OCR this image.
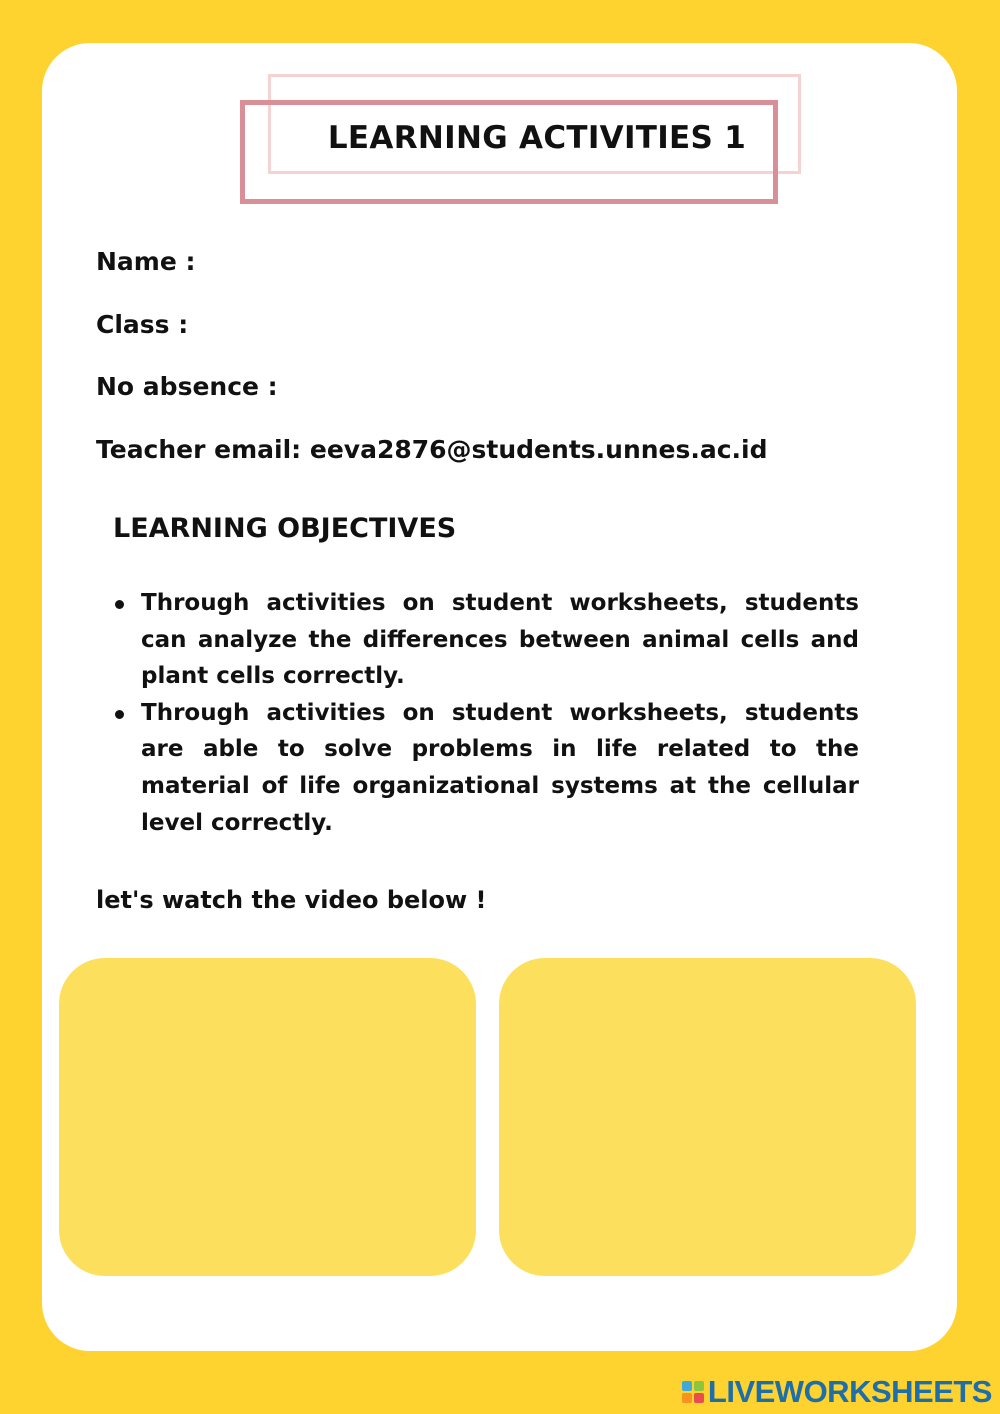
LEARNING ACTIVITIES 1
Name :
Class :
No absence :
Teacher email: eeva2876@students.unnes.ac.id
LEARNING OBJECTIVES
Through activities on student worksheets, students can analyze the differences between animal cells and plant cells correctly.
Through activities on student worksheets, students are able to solve problems in life related to the material of life organizational systems at the cellular level correctly.
let's watch the video below !
LIVEWORKSHEETS
